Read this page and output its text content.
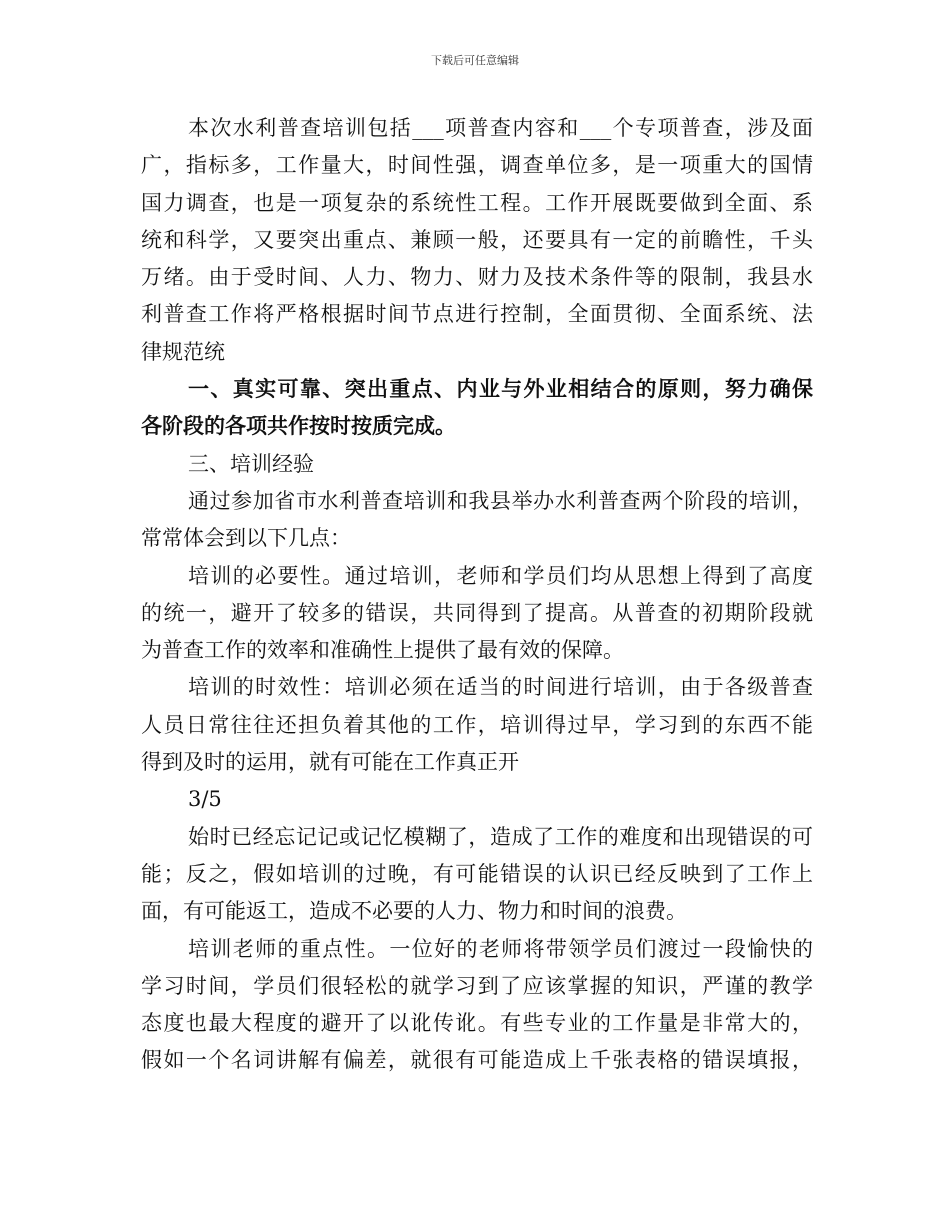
下载后可任意编辑
本次水利普查培训包括___项普查内容和___个专项普查，涉及面
广，指标多，工作量大，时间性强，调查单位多，是一项重大的国情
国力调查，也是一项复杂的系统性工程。工作开展既要做到全面、系
统和科学，又要突出重点、兼顾一般，还要具有一定的前瞻性，千头
万绪。由于受时间、人力、物力、财力及技术条件等的限制，我县水
利普查工作将严格根据时间节点进行控制，全面贯彻、全面系统、法
律规范统
一、真实可靠、突出重点、内业与外业相结合的原则，努力确保
各阶段的各项共作按时按质完成。
三、培训经验
通过参加省市水利普查培训和我县举办水利普查两个阶段的培训，
常常体会到以下几点：
培训的必要性。通过培训，老师和学员们均从思想上得到了高度
的统一，避开了较多的错误，共同得到了提高。从普查的初期阶段就
为普查工作的效率和准确性上提供了最有效的保障。
培训的时效性：培训必须在适当的时间进行培训，由于各级普查
人员日常往往还担负着其他的工作，培训得过早，学习到的东西不能
得到及时的运用，就有可能在工作真正开
3/5
始时已经忘记记或记忆模糊了，造成了工作的难度和出现错误的可
能；反之，假如培训的过晚，有可能错误的认识已经反映到了工作上
面，有可能返工，造成不必要的人力、物力和时间的浪费。
培训老师的重点性。一位好的老师将带领学员们渡过一段愉快的
学习时间，学员们很轻松的就学习到了应该掌握的知识，严谨的教学
态度也最大程度的避开了以讹传讹。有些专业的工作量是非常大的，
假如一个名词讲解有偏差，就很有可能造成上千张表格的错误填报，
